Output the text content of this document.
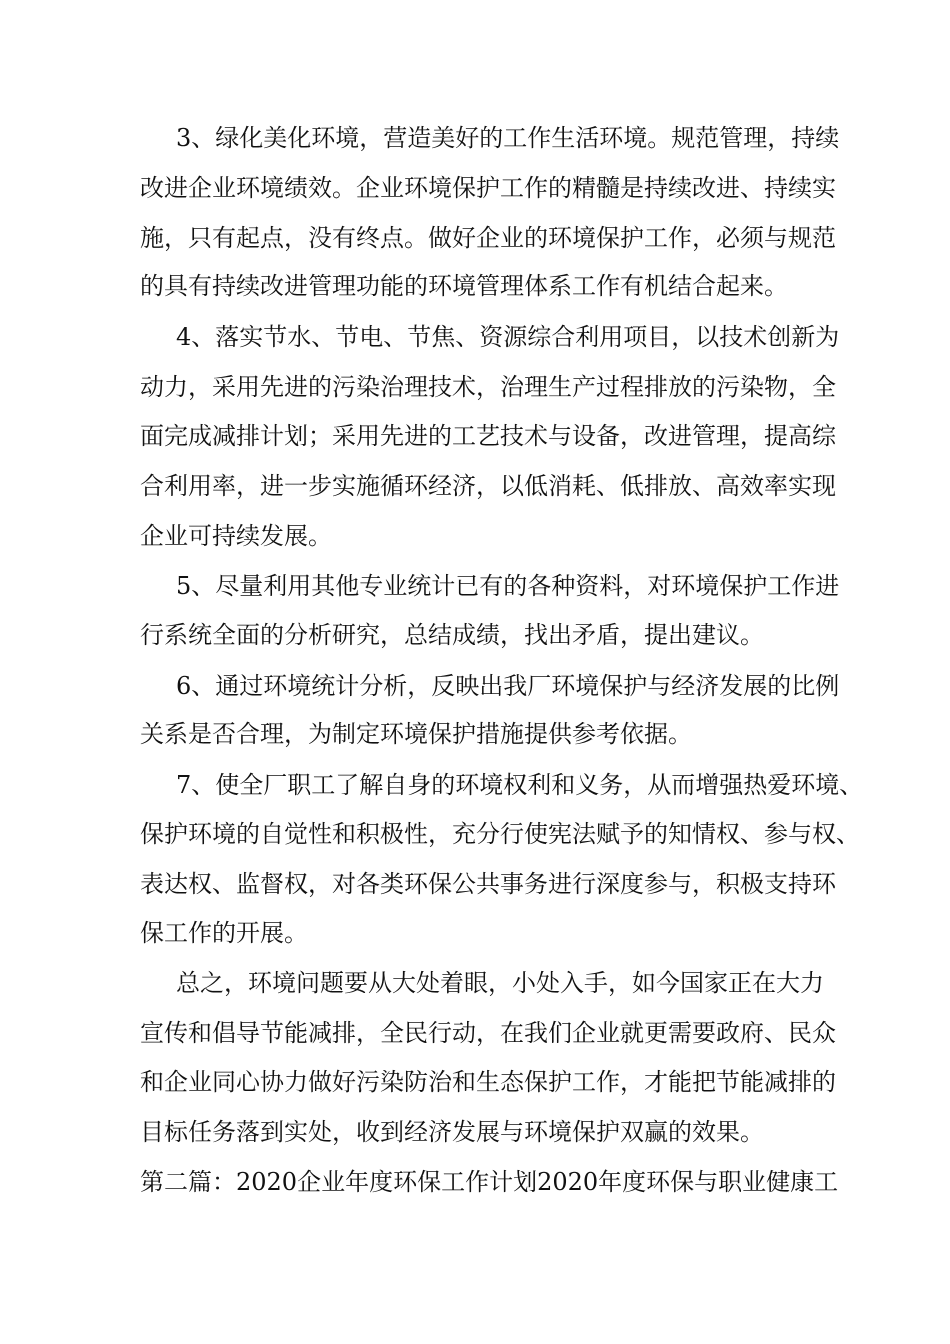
3、绿化美化环境，营造美好的工作生活环境。规范管理，持续
改进企业环境绩效。企业环境保护工作的精髓是持续改进、持续实
施，只有起点，没有终点。做好企业的环境保护工作，必须与规范
的具有持续改进管理功能的环境管理体系工作有机结合起来。
4、落实节水、节电、节焦、资源综合利用项目，以技术创新为
动力，采用先进的污染治理技术，治理生产过程排放的污染物，全
面完成减排计划；采用先进的工艺技术与设备，改进管理，提高综
合利用率，进一步实施循环经济，以低消耗、低排放、高效率实现
企业可持续发展。
5、尽量利用其他专业统计已有的各种资料，对环境保护工作进
行系统全面的分析研究，总结成绩，找出矛盾，提出建议。
6、通过环境统计分析，反映出我厂环境保护与经济发展的比例
关系是否合理，为制定环境保护措施提供参考依据。
7、使全厂职工了解自身的环境权利和义务，从而增强热爱环境、
保护环境的自觉性和积极性，充分行使宪法赋予的知情权、参与权、
表达权、监督权，对各类环保公共事务进行深度参与，积极支持环
保工作的开展。
总之，环境问题要从大处着眼，小处入手，如今国家正在大力
宣传和倡导节能减排，全民行动，在我们企业就更需要政府、民众
和企业同心协力做好污染防治和生态保护工作，才能把节能减排的
目标任务落到实处，收到经济发展与环境保护双赢的效果。
第二篇：2020企业年度环保工作计划2020年度环保与职业健康工
